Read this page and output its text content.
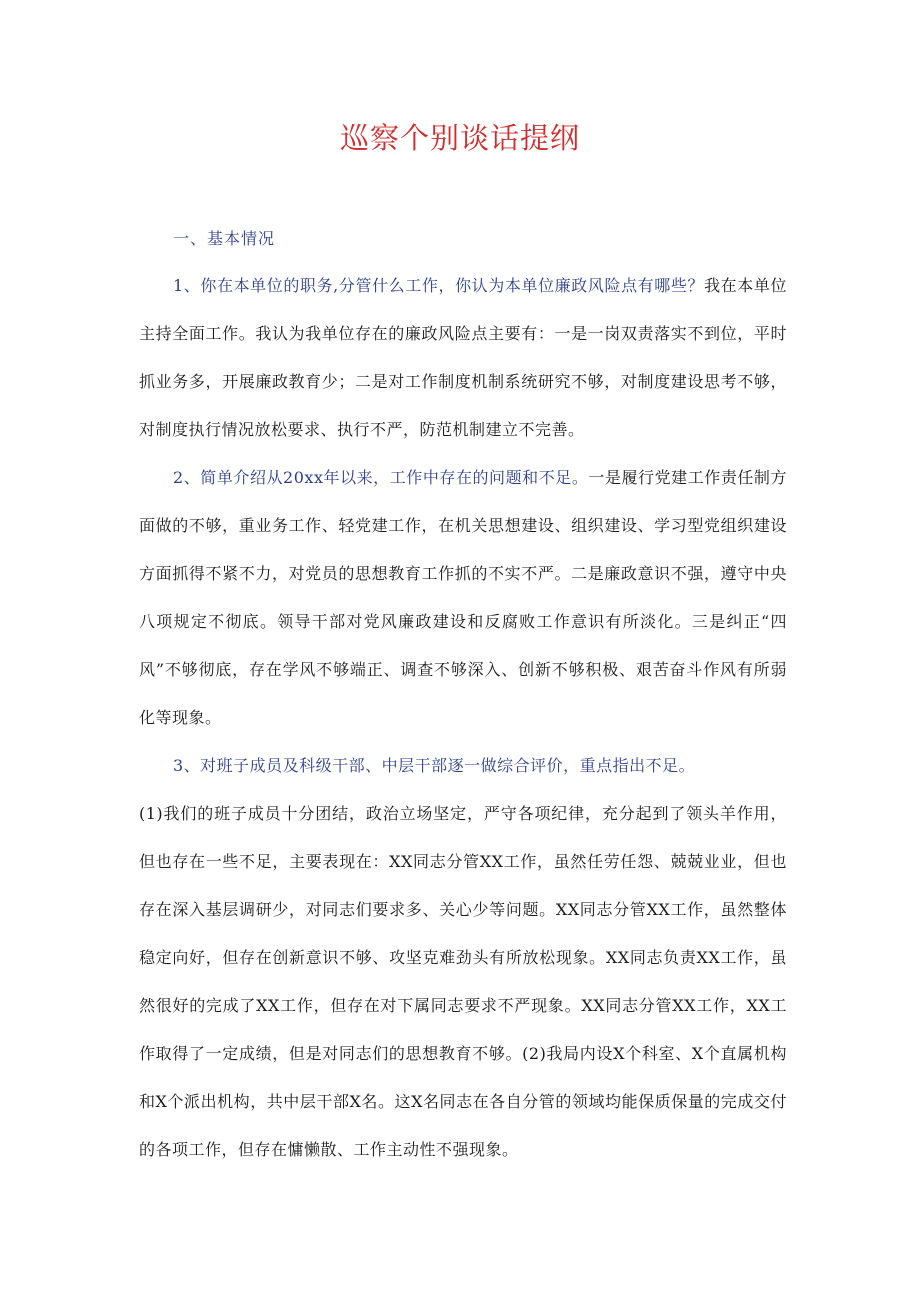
巡察个别谈话提纲

一、基本情况

1、你在本单位的职务,分管什么工作，你认为本单位廉政风险点有哪些？我在本单位主持全面工作。我认为我单位存在的廉政风险点主要有：一是一岗双责落实不到位，平时抓业务多，开展廉政教育少；二是对工作制度机制系统研究不够，对制度建设思考不够，对制度执行情况放松要求、执行不严，防范机制建立不完善。

2、简单介绍从20xx年以来，工作中存在的问题和不足。一是履行党建工作责任制方面做的不够，重业务工作、轻党建工作，在机关思想建设、组织建设、学习型党组织建设方面抓得不紧不力，对党员的思想教育工作抓的不实不严。二是廉政意识不强，遵守中央八项规定不彻底。领导干部对党风廉政建设和反腐败工作意识有所淡化。三是纠正“四风”不够彻底，存在学风不够端正、调查不够深入、创新不够积极、艰苦奋斗作风有所弱化等现象。

3、对班子成员及科级干部、中层干部逐一做综合评价，重点指出不足。

(1)我们的班子成员十分团结，政治立场坚定，严守各项纪律，充分起到了领头羊作用，但也存在一些不足，主要表现在：XX同志分管XX工作，虽然任劳任怨、兢兢业业，但也存在深入基层调研少，对同志们要求多、关心少等问题。XX同志分管XX工作，虽然整体稳定向好，但存在创新意识不够、攻坚克难劲头有所放松现象。XX同志负责XX工作，虽然很好的完成了XX工作，但存在对下属同志要求不严现象。XX同志分管XX工作，XX工作取得了一定成绩，但是对同志们的思想教育不够。(2)我局内设X个科室、X个直属机构和X个派出机构，共中层干部X名。这X名同志在各自分管的领域均能保质保量的完成交付的各项工作，但存在慵懒散、工作主动性不强现象。
